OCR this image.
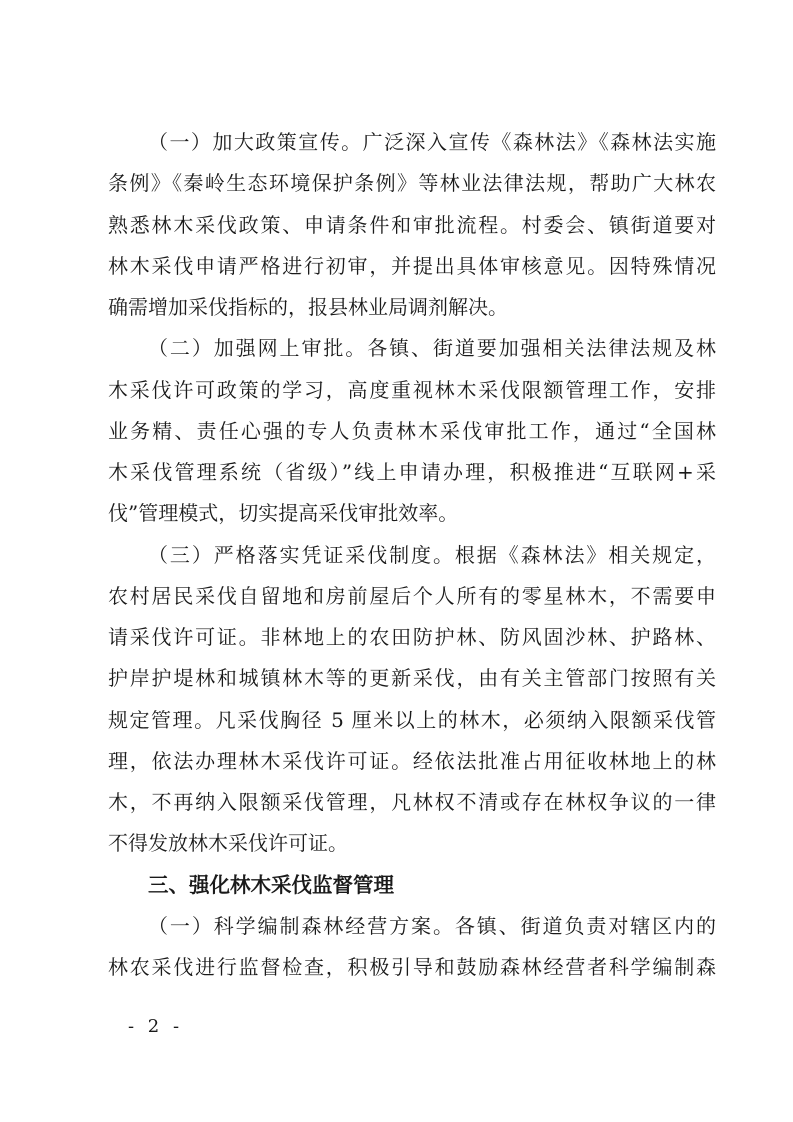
（一）加大政策宣传。广泛深入宣传《森林法》《森林法实施
条例》《秦岭生态环境保护条例》等林业法律法规，帮助广大林农
熟悉林木采伐政策、申请条件和审批流程。村委会、镇街道要对
林木采伐申请严格进行初审，并提出具体审核意见。因特殊情况
确需增加采伐指标的，报县林业局调剂解决。
（二）加强网上审批。各镇、街道要加强相关法律法规及林
木采伐许可政策的学习，高度重视林木采伐限额管理工作，安排
业务精、责任心强的专人负责林木采伐审批工作，通过“全国林
木采伐管理系统（省级）”线上申请办理，积极推进“互联网+采
伐”管理模式，切实提高采伐审批效率。
（三）严格落实凭证采伐制度。根据《森林法》相关规定，
农村居民采伐自留地和房前屋后个人所有的零星林木，不需要申
请采伐许可证。非林地上的农田防护林、防风固沙林、护路林、
护岸护堤林和城镇林木等的更新采伐，由有关主管部门按照有关
规定管理。凡采伐胸径 5 厘米以上的林木，必须纳入限额采伐管
理，依法办理林木采伐许可证。经依法批准占用征收林地上的林
木，不再纳入限额采伐管理，凡林权不清或存在林权争议的一律
不得发放林木采伐许可证。
三、强化林木采伐监督管理
（一）科学编制森林经营方案。各镇、街道负责对辖区内的
林农采伐进行监督检查，积极引导和鼓励森林经营者科学编制森
- 2 -
